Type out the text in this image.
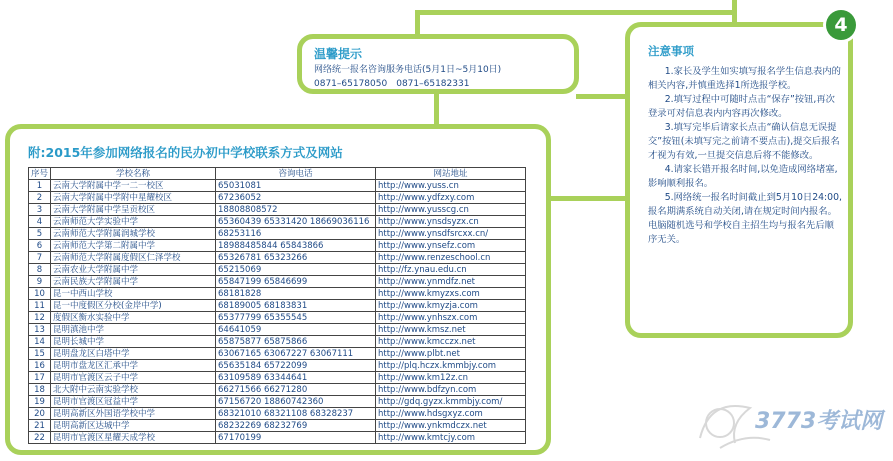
温馨提示
网络统一报名咨询服务电话(5月1日~5月10日)
0871–65178050　0871–65182331
附:2015年参加网络报名的民办初中学校联系方式及网站
序号	学校名称	咨询电话	网站地址
1	云南大学附属中学一二一校区	65031081	http://www.yuss.cn
2	云南大学附属中学附中星耀校区	67236052	http://www.ydfzxy.com
3	云南大学附属中学呈贡校区	18808808572	http://www.yusscg.cn
4	云南师范大学实验中学	65360439 65331420 18669036116	http://www.ynsdsyzx.cn
5	云南师范大学附属润城学校	68253116	http://www.ynsdfsrcxx.cn/
6	云南师范大学第二附属中学	18988485844 65843866	http://www.ynsefz.com
7	云南师范大学附属度假区仁泽学校	65326781 65323266	http://www.renzeschool.cn
8	云南农业大学附属中学	65215069	http://fz.ynau.edu.cn
9	云南民族大学附属中学	65847199 65846699	http://www.ynmdfz.net
10	昆一中西山学校	68181828	http://www.kmyzxs.com
11	昆一中度假区分校(金岸中学)	68189005 68183831	http://www.kmyzja.com
12	度假区衡水实验中学	65377799 65355545	http://www.ynhszx.com
13	昆明滇池中学	64641059	http://www.kmsz.net
14	昆明长城中学	65875877 65875866	http://www.kmcczx.net
15	昆明盘龙区白塔中学	63067165 63067227 63067111	http://www.plbt.net
16	昆明市盘龙区汇承中学	65635184 65722099	http://plq.hczx.kmmbjy.com
17	昆明市官渡区云子中学	63109589 63344641	http://www.km12z.cn
18	北大附中云南实验学校	66271566 66271280	http://www.bdfzyn.com
19	昆明市官渡区冠益中学	67156720 18860742360	http://gdq.gyzx.kmmbjy.com/
20	昆明高新区外国语学校中学	68321010 68321108 68328237	http://www.hdsgxyz.com
21	昆明高新区达城中学	68232269 68232769	http://www.ynkmdczx.net
22	昆明市官渡区星耀天成学校	67170199	http://www.kmtcjy.com
注意事项

1.家长及学生如实填写报名学生信息表内的相关内容,并慎重选择1所选报学校。

2.填写过程中可随时点击“保存”按钮,再次登录可对信息表内内容再次修改。

3.填写完毕后请家长点击“确认信息无误提交”按钮(未填写完之前请不要点击),提交后报名才视为有效,一旦提交信息后将不能修改。

4.请家长错开报名时间,以免造成网络堵塞,影响顺利报名。

5.网络统一报名时间截止到5月10日24:00,报名期满系统自动关闭,请在规定时间内报名。电脑随机选号和学校自主招生均与报名先后顺序无关。

4
3773考试网
